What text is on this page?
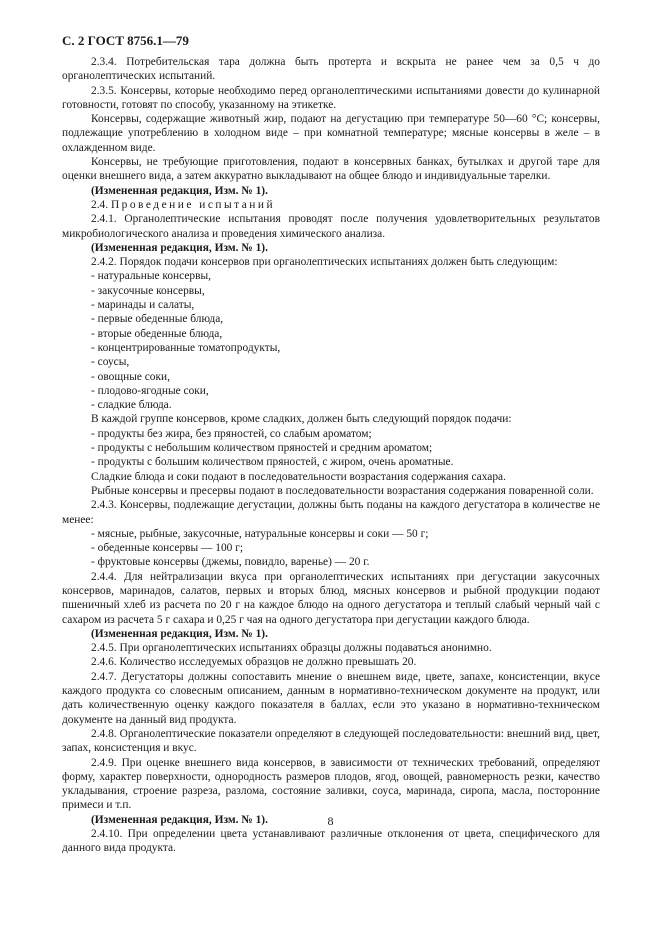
С. 2 ГОСТ 8756.1—79

2.3.4. Потребительская тара должна быть протерта и вскрыта не ранее чем за 0,5 ч до органолептических испытаний.

2.3.5. Консервы, которые необходимо перед органолептическими испытаниями довести до кулинарной готовности, готовят по способу, указанному на этикетке.

Консервы, содержащие животный жир, подают на дегустацию при температуре 50—60 °С; консервы, подлежащие употреблению в холодном виде – при комнатной температуре; мясные консервы в желе – в охлажденном виде.

Консервы, не требующие приготовления, подают в консервных банках, бутылках и другой таре для оценки внешнего вида, а затем аккуратно выкладывают на общее блюдо и индивидуальные тарелки.

(Измененная редакция, Изм. № 1).

2.4. Проведение испытаний

2.4.1. Органолептические испытания проводят после получения удовлетворительных результатов микробиологического анализа и проведения химического анализа.

(Измененная редакция, Изм. № 1).

2.4.2. Порядок подачи консервов при органолептических испытаниях должен быть следующим:

- натуральные консервы,

- закусочные консервы,

- маринады и салаты,

- первые обеденные блюда,

- вторые обеденные блюда,

- концентрированные томатопродукты,

- соусы,

- овощные соки,

- плодово-ягодные соки,

- сладкие блюда.

В каждой группе консервов, кроме сладких, должен быть следующий порядок подачи:

- продукты без жира, без пряностей, со слабым ароматом;

- продукты с небольшим количеством пряностей и средним ароматом;

- продукты с большим количеством пряностей, с жиром, очень ароматные.

Сладкие блюда и соки подают в последовательности возрастания содержания сахара.

Рыбные консервы и пресервы подают в последовательности возрастания содержания поваренной соли.

2.4.3. Консервы, подлежащие дегустации, должны быть поданы на каждого дегустатора в количестве не менее:

- мясные, рыбные, закусочные, натуральные консервы и соки — 50 г;

- обеденные консервы — 100 г;

- фруктовые консервы (джемы, повидло, варенье) — 20 г.

2.4.4. Для нейтрализации вкуса при органолептических испытаниях при дегустации закусочных консервов, маринадов, салатов, первых и вторых блюд, мясных консервов и рыбной продукции подают пшеничный хлеб из расчета по 20 г на каждое блюдо на одного дегустатора и теплый слабый черный чай с сахаром из расчета 5 г сахара и 0,25 г чая на одного дегустатора при дегустации каждого блюда.

(Измененная редакция, Изм. № 1).

2.4.5. При органолептических испытаниях образцы должны подаваться анонимно.

2.4.6. Количество исследуемых образцов не должно превышать 20.

2.4.7. Дегустаторы должны сопоставить мнение о внешнем виде, цвете, запахе, консистенции, вкусе каждого продукта со словесным описанием, данным в нормативно-техническом документе на продукт, или дать количественную оценку каждого показателя в баллах, если это указано в нормативно-техническом документе на данный вид продукта.

2.4.8. Органолептические показатели определяют в следующей последовательности: внешний вид, цвет, запах, консистенция и вкус.

2.4.9. При оценке внешнего вида консервов, в зависимости от технических требований, определяют форму, характер поверхности, однородность размеров плодов, ягод, овощей, равномерность резки, качество укладывания, строение разреза, разлома, состояние заливки, соуса, маринада, сиропа, масла, посторонние примеси и т.п.

(Измененная редакция, Изм. № 1).

2.4.10. При определении цвета устанавливают различные отклонения от цвета, специфического для данного вида продукта.

8
